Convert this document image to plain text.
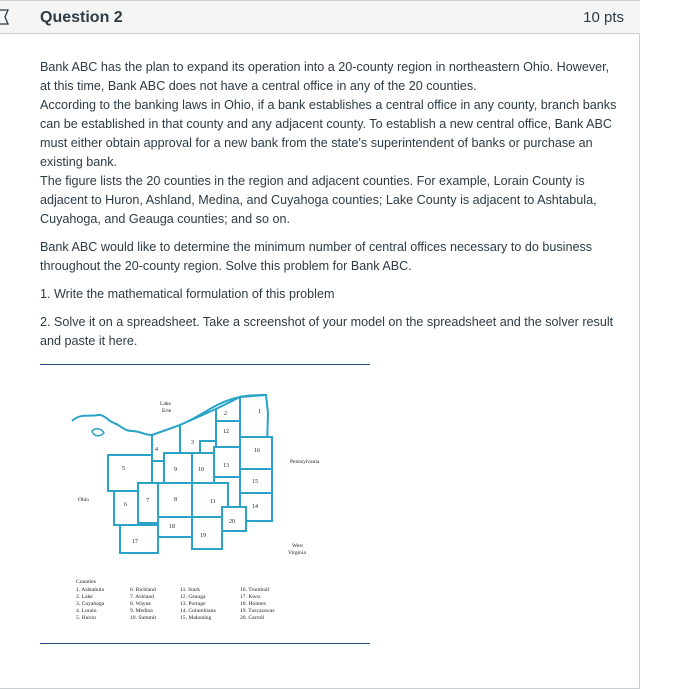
Question 2	10 pts

Bank ABC has the plan to expand its operation into a 20-county region in northeastern Ohio. However, at this time, Bank ABC does not have a central office in any of the 20 counties.

According to the banking laws in Ohio, if a bank establishes a central office in any county, branch banks can be established in that county and any adjacent county. To establish a new central office, Bank ABC must either obtain approval for a new bank from the state's superintendent of banks or purchase an existing bank.

The figure lists the 20 counties in the region and adjacent counties. For example, Lorain County is adjacent to Huron, Ashland, Medina, and Cuyahoga counties; Lake County is adjacent to Ashtabula, Cuyahoga, and Geauga counties; and so on.

Bank ABC would like to determine the minimum number of central offices necessary to do business throughout the 20-county region. Solve this problem for Bank ABC.

1. Write the mathematical formulation of this problem

2. Solve it on a spreadsheet. Take a screenshot of your model on the spreadsheet and the solver result and paste it here.

Lake
Erie
Ohio
Pennsylvania
West
Virginia
1
2
3
4
5
6
7	8
9	10
11
12
13
14
15
16
17
18
19
20
Counties
1. Ashtabula
2. Lake
3. Cuyahoga
4. Lorain
5. Huron
6. Richland
7. Ashland
8. Wayne
9. Medina
10. Summit
11. Stark
12. Geauga
13. Portage
14. Columbiana
15. Mahoning
16. Trumbull
17. Knox
18. Holmes
19. Tuscarawas
20. Carroll
